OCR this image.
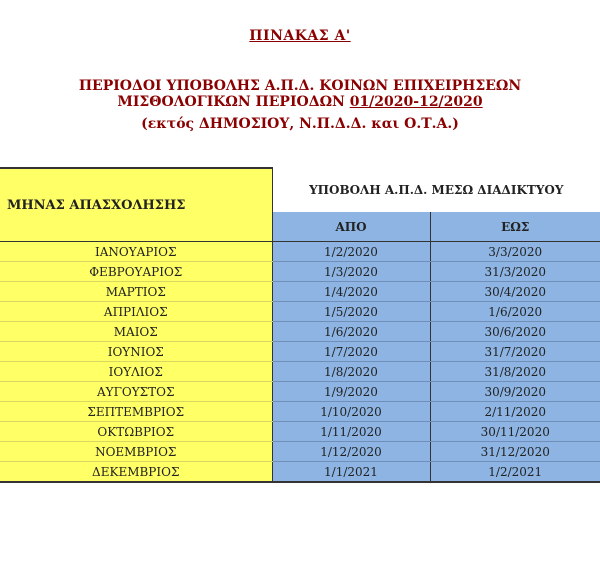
ΠΙΝΑΚΑΣ Α'
ΠΕΡΙΟΔΟΙ ΥΠΟΒΟΛΗΣ Α.Π.Δ. ΚΟΙΝΩΝ ΕΠΙΧΕΙΡΗΣΕΩΝ
ΜΙΣΘΟΛΟΓΙΚΩΝ ΠΕΡΙΟΔΩΝ 01/2020-12/2020
(εκτός ΔΗΜΟΣΙΟΥ, Ν.Π.Δ.Δ. και Ο.Τ.Α.)
ΜΗΝΑΣ ΑΠΑΣΧΟΛΗΣΗΣ	ΥΠΟΒΟΛΗ Α.Π.Δ. ΜΕΣΩ ΔΙΑΔΙΚΤΥΟΥ	
	ΑΠΟ	ΕΩΣ
ΙΑΝΟΥΑΡΙΟΣ	1/2/2020	3/3/2020
ΦΕΒΡΟΥΑΡΙΟΣ	1/3/2020	31/3/2020
ΜΑΡΤΙΟΣ	1/4/2020	30/4/2020
ΑΠΡΙΛΙΟΣ	1/5/2020	1/6/2020
ΜΑΙΟΣ	1/6/2020	30/6/2020
ΙΟΥΝΙΟΣ	1/7/2020	31/7/2020
ΙΟΥΛΙΟΣ	1/8/2020	31/8/2020
ΑΥΓΟΥΣΤΟΣ	1/9/2020	30/9/2020
ΣΕΠΤΕΜΒΡΙΟΣ	1/10/2020	2/11/2020
ΟΚΤΩΒΡΙΟΣ	1/11/2020	30/11/2020
ΝΟΕΜΒΡΙΟΣ	1/12/2020	31/12/2020
ΔΕΚΕΜΒΡΙΟΣ	1/1/2021	1/2/2021
